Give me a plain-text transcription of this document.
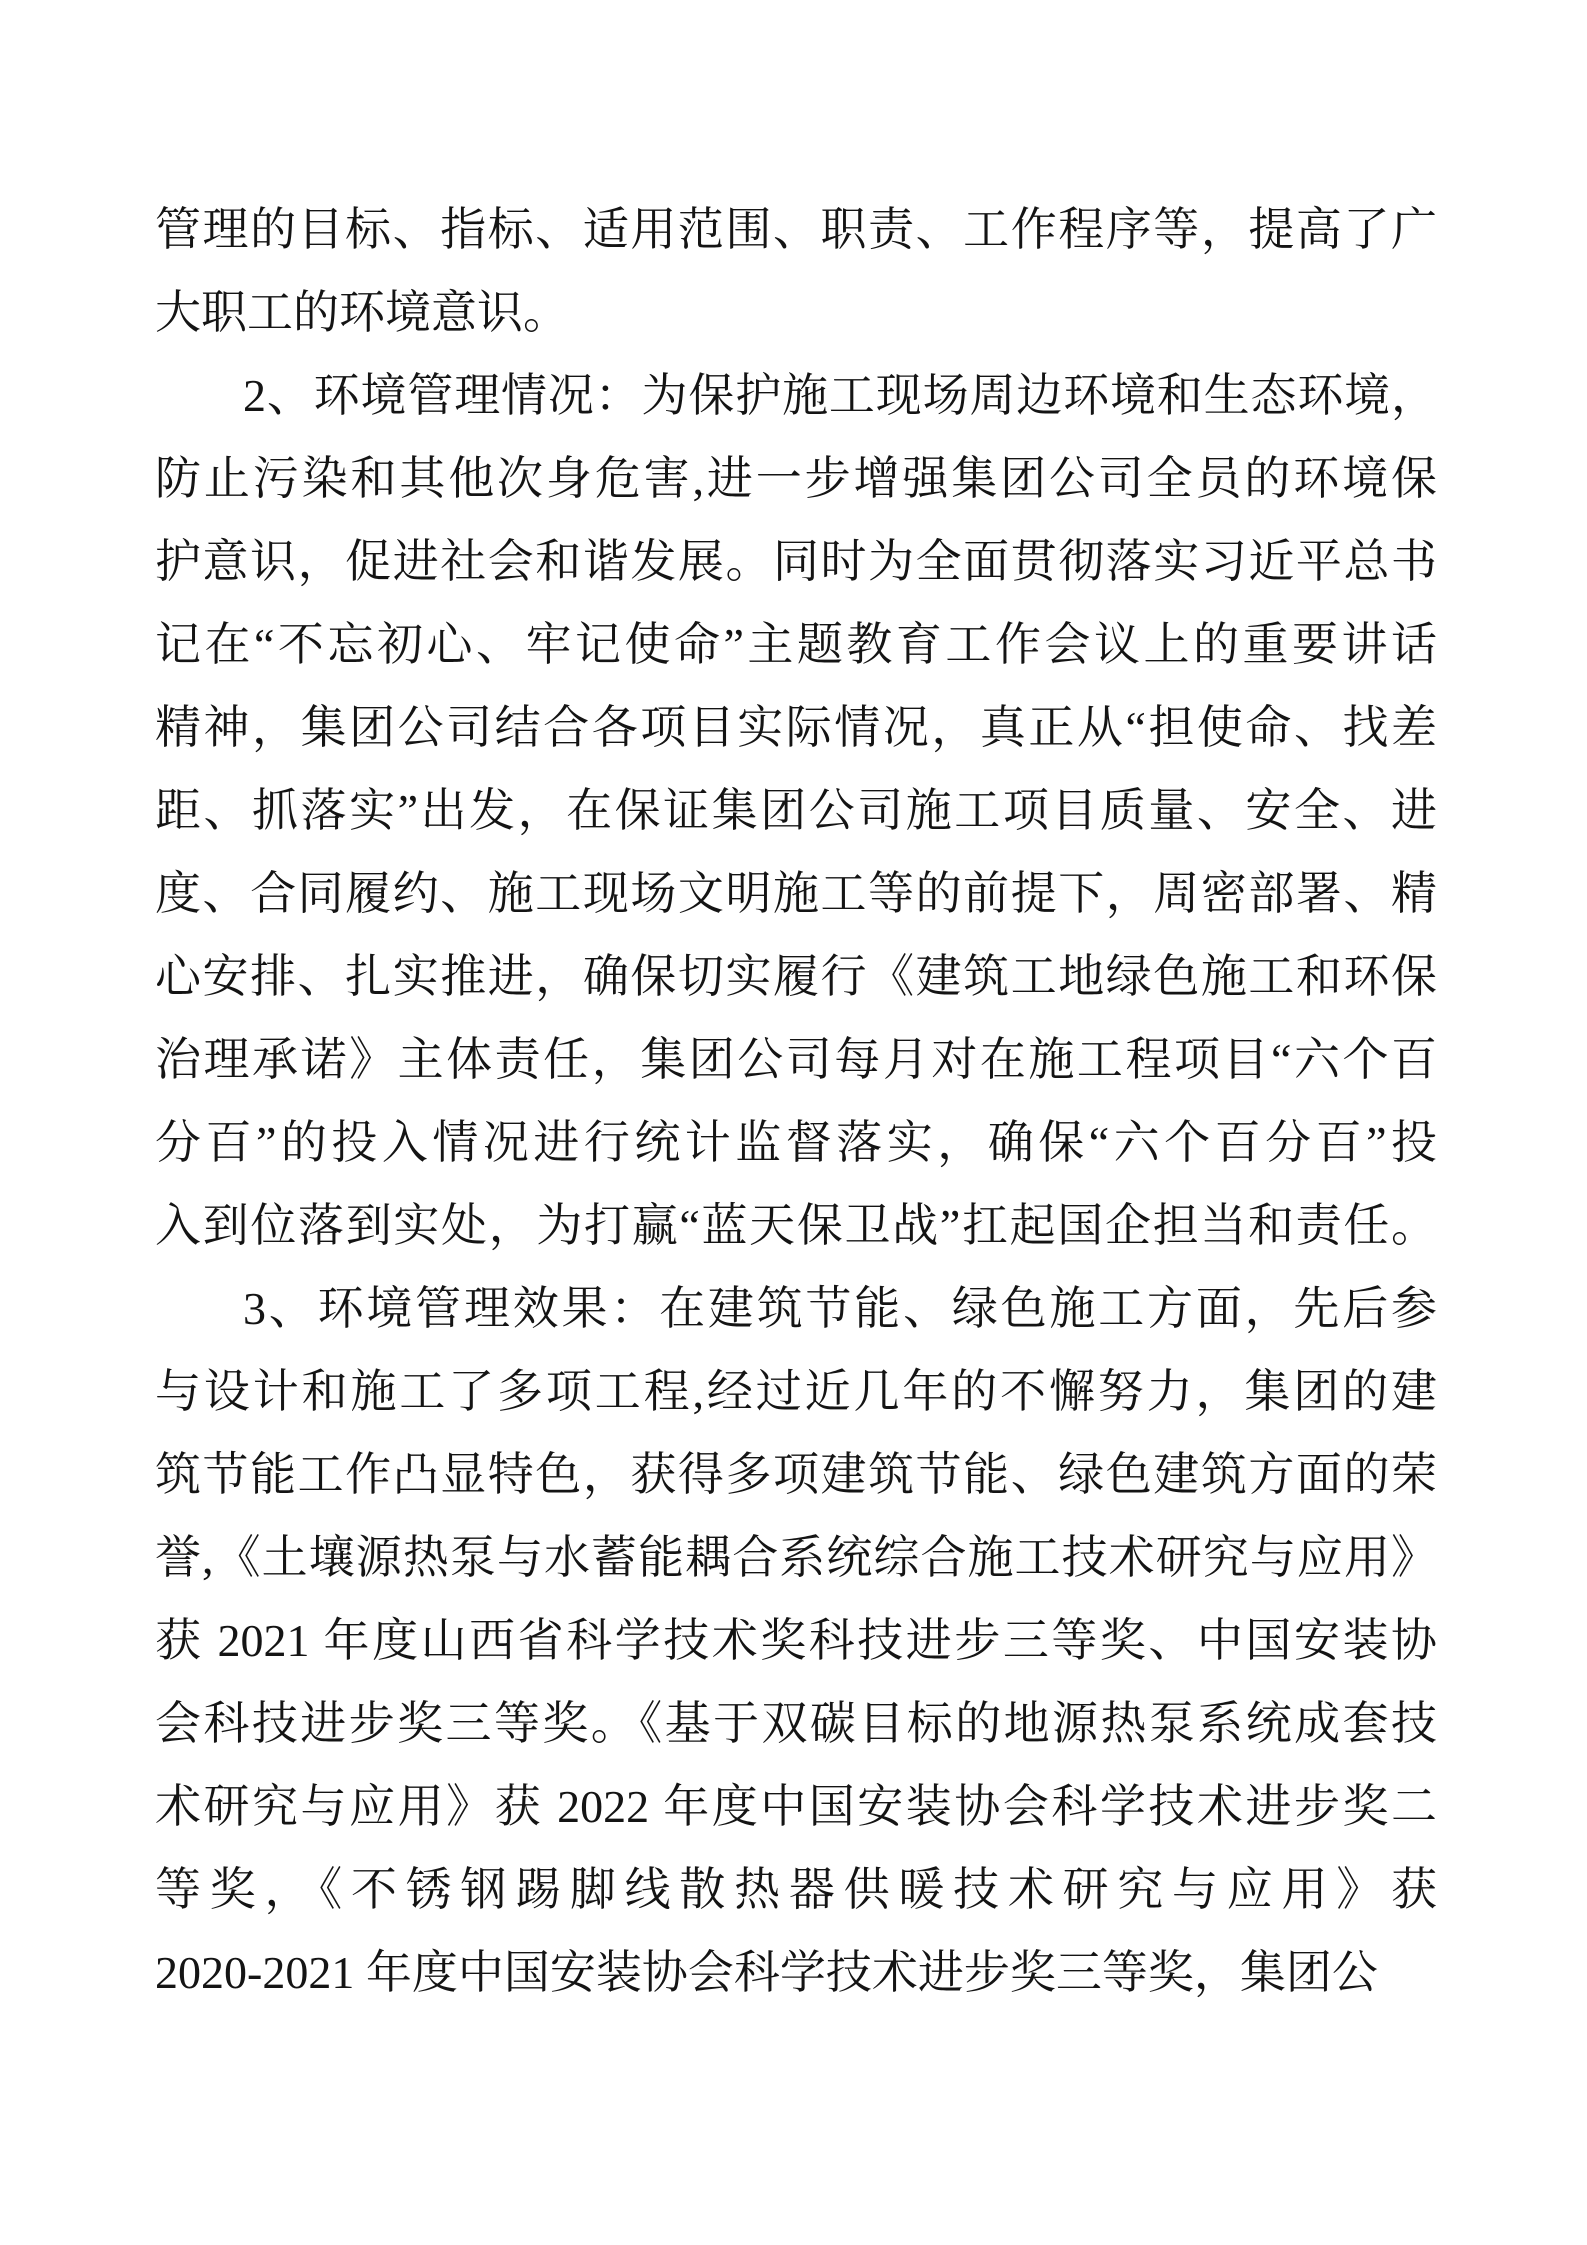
管理的目标、指标、适用范围、职责、工作程序等，提高了广
大职工的环境意识。
2、环境管理情况：为保护施工现场周边环境和生态环境，
防止污染和其他次身危害,进一步增强集团公司全员的环境保
护意识，促进社会和谐发展。同时为全面贯彻落实习近平总书
记在“不忘初心、牢记使命”主题教育工作会议上的重要讲话
精神，集团公司结合各项目实际情况，真正从“担使命、找差
距、抓落实”出发，在保证集团公司施工项目质量、安全、进
度、合同履约、施工现场文明施工等的前提下，周密部署、精
心安排、扎实推进，确保切实履行《建筑工地绿色施工和环保
治理承诺》主体责任，集团公司每月对在施工程项目“六个百
分百”的投入情况进行统计监督落实，确保“六个百分百”投
入到位落到实处，为打赢“蓝天保卫战”扛起国企担当和责任。
3、环境管理效果：在建筑节能、绿色施工方面，先后参
与设计和施工了多项工程,经过近几年的不懈努力，集团的建
筑节能工作凸显特色，获得多项建筑节能、绿色建筑方面的荣
誉,《土壤源热泵与水蓄能耦合系统综合施工技术研究与应用》
获 2021 年度山西省科学技术奖科技进步三等奖、中国安装协
会科技进步奖三等奖。《基于双碳目标的地源热泵系统成套技
术研究与应用》获 2022 年度中国安装协会科学技术进步奖二
等奖，《不锈钢踢脚线散热器供暖技术研究与应用》获
2020-2021 年度中国安装协会科学技术进步奖三等奖，集团公
